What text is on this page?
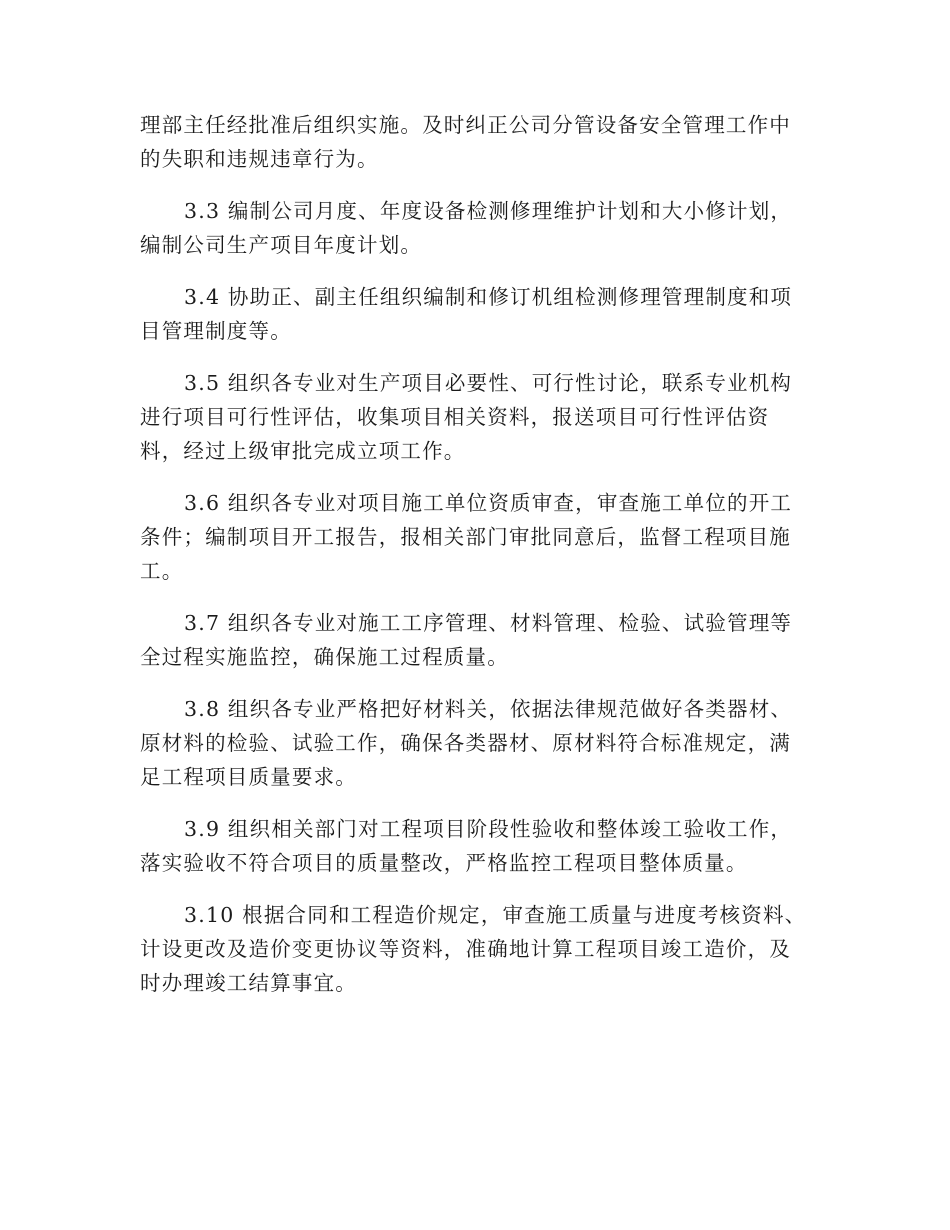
理部主任经批准后组织实施。及时纠正公司分管设备安全管理工作中
的失职和违规违章行为。
3.3 编制公司月度、年度设备检测修理维护计划和大小修计划，
编制公司生产项目年度计划。
3.4 协助正、副主任组织编制和修订机组检测修理管理制度和项
目管理制度等。
3.5 组织各专业对生产项目必要性、可行性讨论，联系专业机构
进行项目可行性评估，收集项目相关资料，报送项目可行性评估资
料，经过上级审批完成立项工作。
3.6 组织各专业对项目施工单位资质审查，审查施工单位的开工
条件；编制项目开工报告，报相关部门审批同意后，监督工程项目施
工。
3.7 组织各专业对施工工序管理、材料管理、检验、试验管理等
全过程实施监控，确保施工过程质量。
3.8 组织各专业严格把好材料关，依据法律规范做好各类器材、
原材料的检验、试验工作，确保各类器材、原材料符合标准规定，满
足工程项目质量要求。
3.9 组织相关部门对工程项目阶段性验收和整体竣工验收工作，
落实验收不符合项目的质量整改，严格监控工程项目整体质量。
3.10 根据合同和工程造价规定，审查施工质量与进度考核资料、
计设更改及造价变更协议等资料，准确地计算工程项目竣工造价，及
时办理竣工结算事宜。
